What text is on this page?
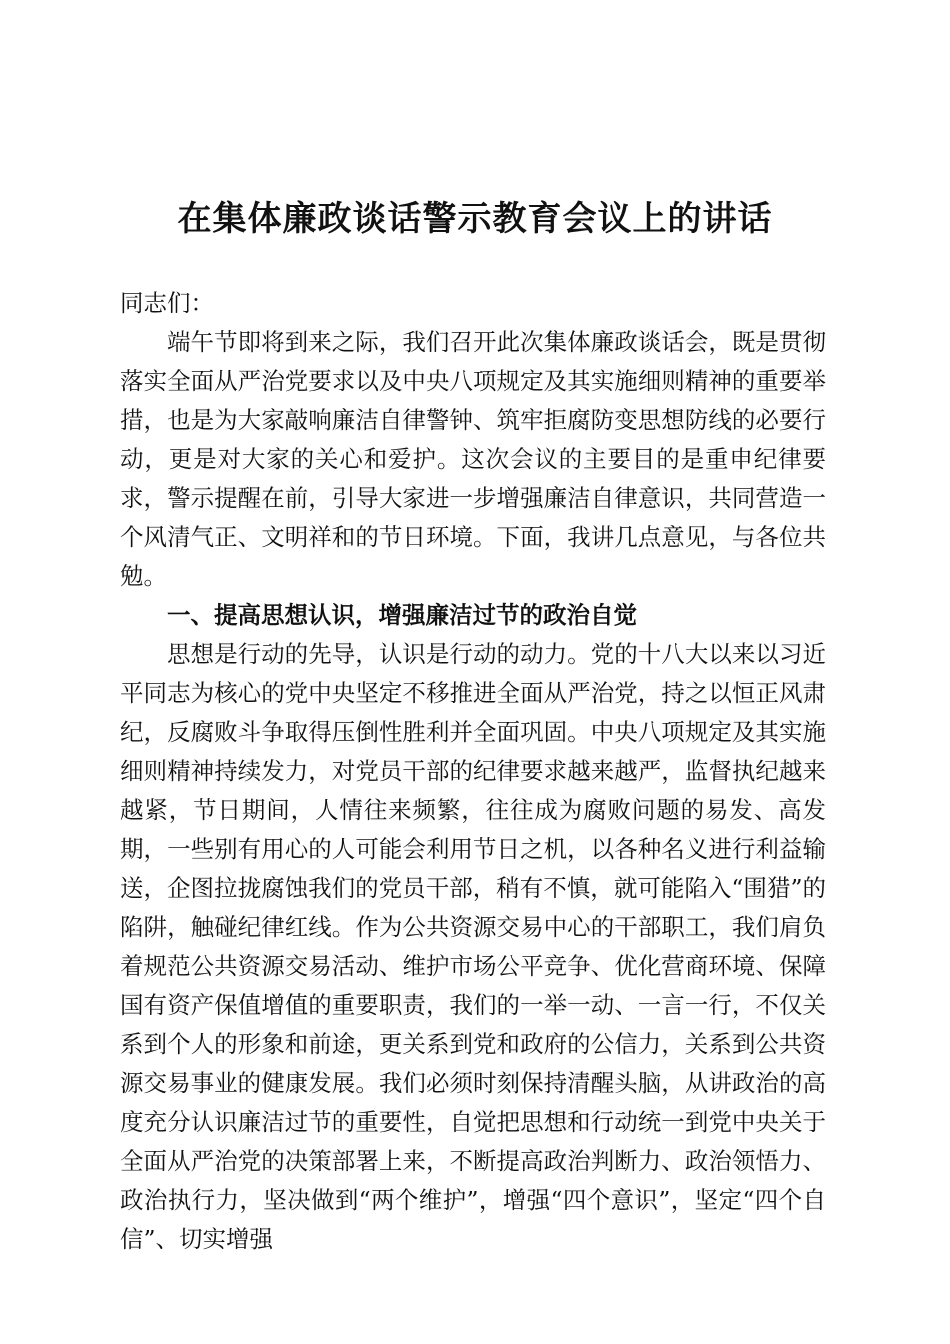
在集体廉政谈话警示教育会议上的讲话

同志们：

端午节即将到来之际，我们召开此次集体廉政谈话会，既是贯彻落实全面从严治党要求以及中央八项规定及其实施细则精神的重要举措，也是为大家敲响廉洁自律警钟、筑牢拒腐防变思想防线的必要行动，更是对大家的关心和爱护。这次会议的主要目的是重申纪律要求，警示提醒在前，引导大家进一步增强廉洁自律意识，共同营造一个风清气正、文明祥和的节日环境。下面，我讲几点意见，与各位共勉。

一、提高思想认识，增强廉洁过节的政治自觉

思想是行动的先导，认识是行动的动力。党的十八大以来以习近平同志为核心的党中央坚定不移推进全面从严治党，持之以恒正风肃纪，反腐败斗争取得压倒性胜利并全面巩固。中央八项规定及其实施细则精神持续发力，对党员干部的纪律要求越来越严，监督执纪越来越紧，节日期间，人情往来频繁，往往成为腐败问题的易发、高发期，一些别有用心的人可能会利用节日之机，以各种名义进行利益输送，企图拉拢腐蚀我们的党员干部，稍有不慎，就可能陷入“围猎”的陷阱，触碰纪律红线。作为公共资源交易中心的干部职工，我们肩负着规范公共资源交易活动、维护市场公平竞争、优化营商环境、保障国有资产保值增值的重要职责，我们的一举一动、一言一行，不仅关系到个人的形象和前途，更关系到党和政府的公信力，关系到公共资源交易事业的健康发展。我们必须时刻保持清醒头脑，从讲政治的高度充分认识廉洁过节的重要性，自觉把思想和行动统一到党中央关于全面从严治党的决策部署上来，不断提高政治判断力、政治领悟力、政治执行力，坚决做到“两个维护”，增强“四个意识”，坚定“四个自信”、切实增强
